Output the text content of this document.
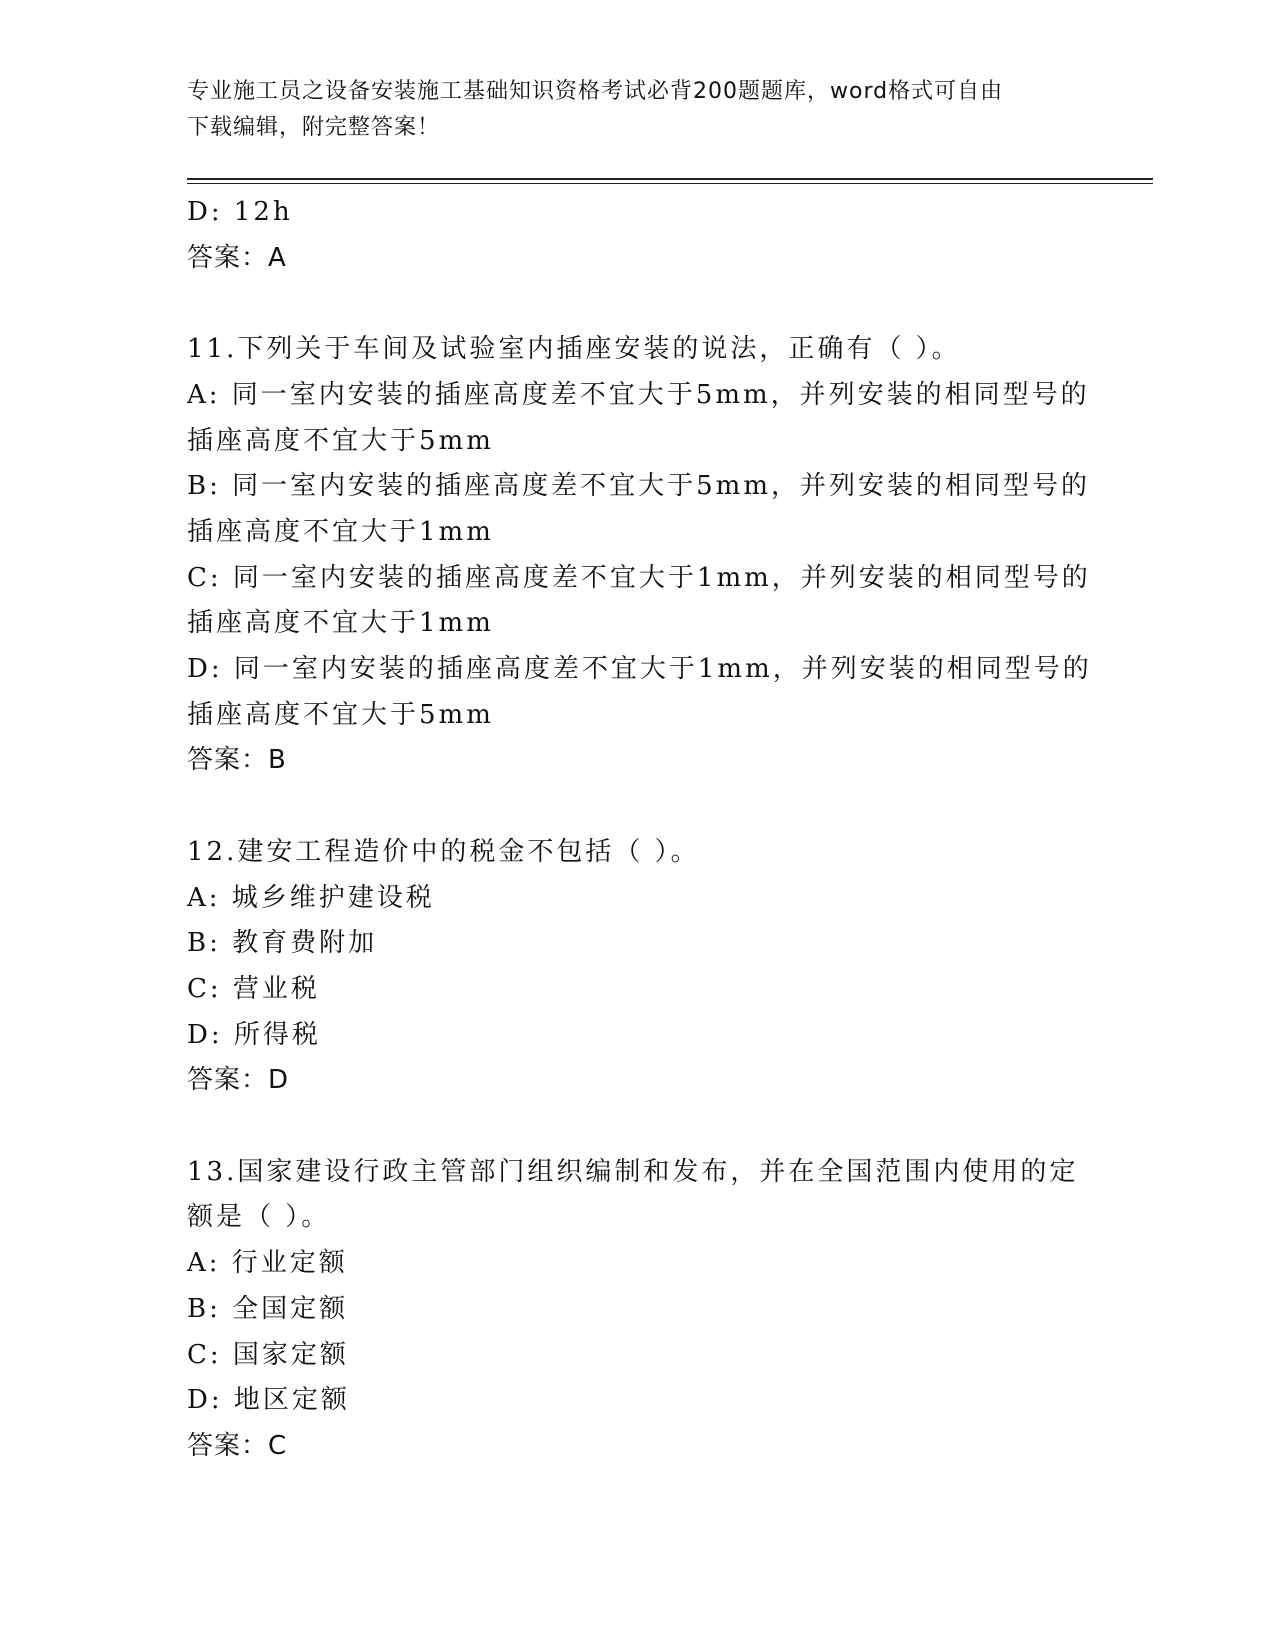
专业施工员之设备安装施工基础知识资格考试必背200题题库，word格式可自由
下载编辑，附完整答案！
D: 12h
答案：A
11.下列关于车间及试验室内插座安装的说法，正确有（ ）。
A: 同一室内安装的插座高度差不宜大于5mm，并列安装的相同型号的
插座高度不宜大于5mm
B: 同一室内安装的插座高度差不宜大于5mm，并列安装的相同型号的
插座高度不宜大于1mm
C: 同一室内安装的插座高度差不宜大于1mm，并列安装的相同型号的
插座高度不宜大于1mm
D: 同一室内安装的插座高度差不宜大于1mm，并列安装的相同型号的
插座高度不宜大于5mm
答案：B
12.建安工程造价中的税金不包括（ ）。
A: 城乡维护建设税
B: 教育费附加
C: 营业税
D: 所得税
答案：D
13.国家建设行政主管部门组织编制和发布，并在全国范围内使用的定
额是（ ）。
A: 行业定额
B: 全国定额
C: 国家定额
D: 地区定额
答案：C
